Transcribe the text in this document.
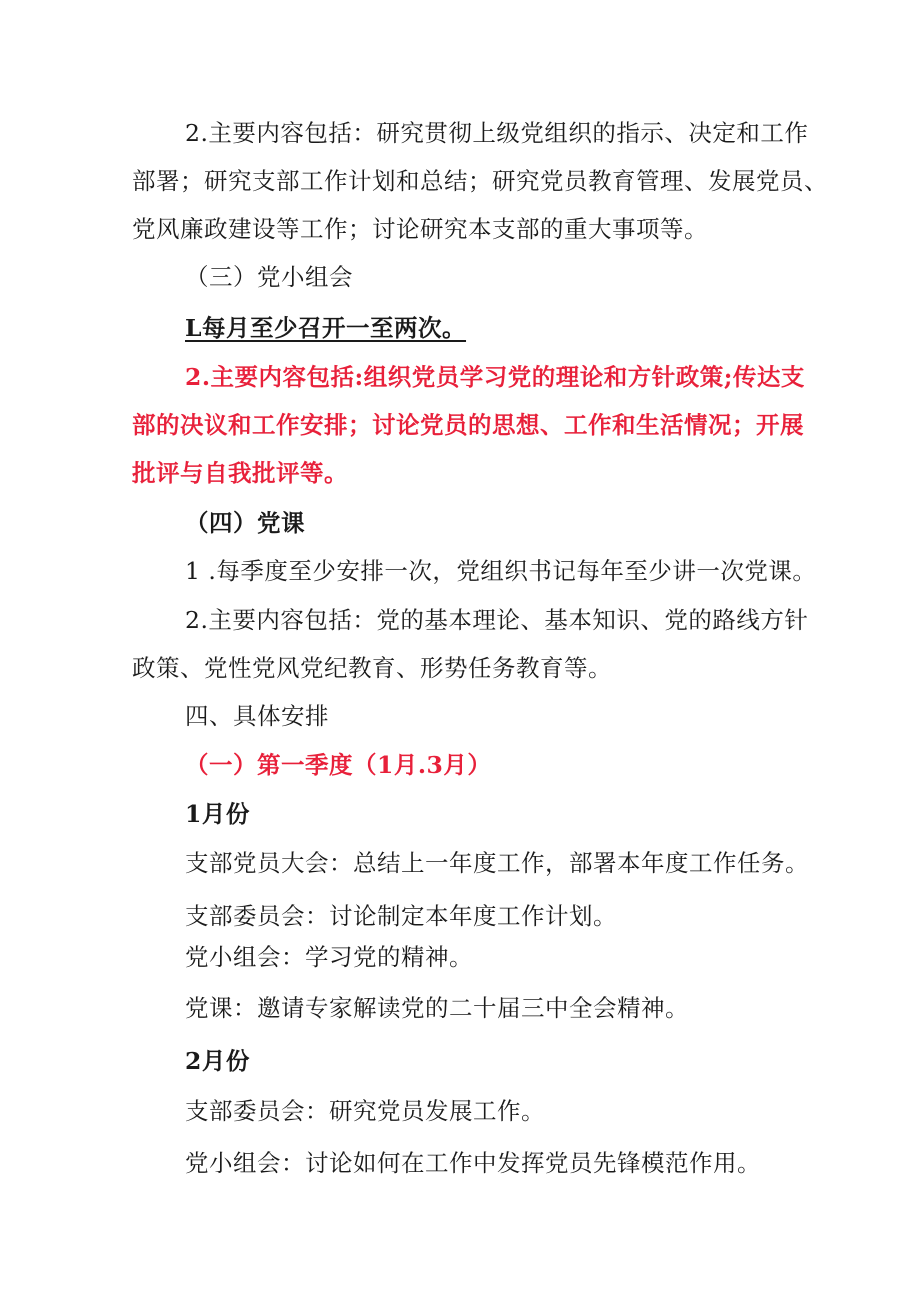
2.主要内容包括：研究贯彻上级党组织的指示、决定和工作
部署；研究支部工作计划和总结；研究党员教育管理、发展党员、
党风廉政建设等工作；讨论研究本支部的重大事项等。
（三）党小组会
L每月至少召开一至两次。
2.主要内容包括:组织党员学习党的理论和方针政策;传达支
部的决议和工作安排；讨论党员的思想、工作和生活情况；开展
批评与自我批评等。
（四）党课
1 .每季度至少安排一次，党组织书记每年至少讲一次党课。
2.主要内容包括：党的基本理论、基本知识、党的路线方针
政策、党性党风党纪教育、形势任务教育等。
四、具体安排
（一）第一季度（1月.3月）
1月份
支部党员大会：总结上一年度工作，部署本年度工作任务。
支部委员会：讨论制定本年度工作计划。
党小组会：学习党的精神。
党课：邀请专家解读党的二十届三中全会精神。
2月份
支部委员会：研究党员发展工作。
党小组会：讨论如何在工作中发挥党员先锋模范作用。
